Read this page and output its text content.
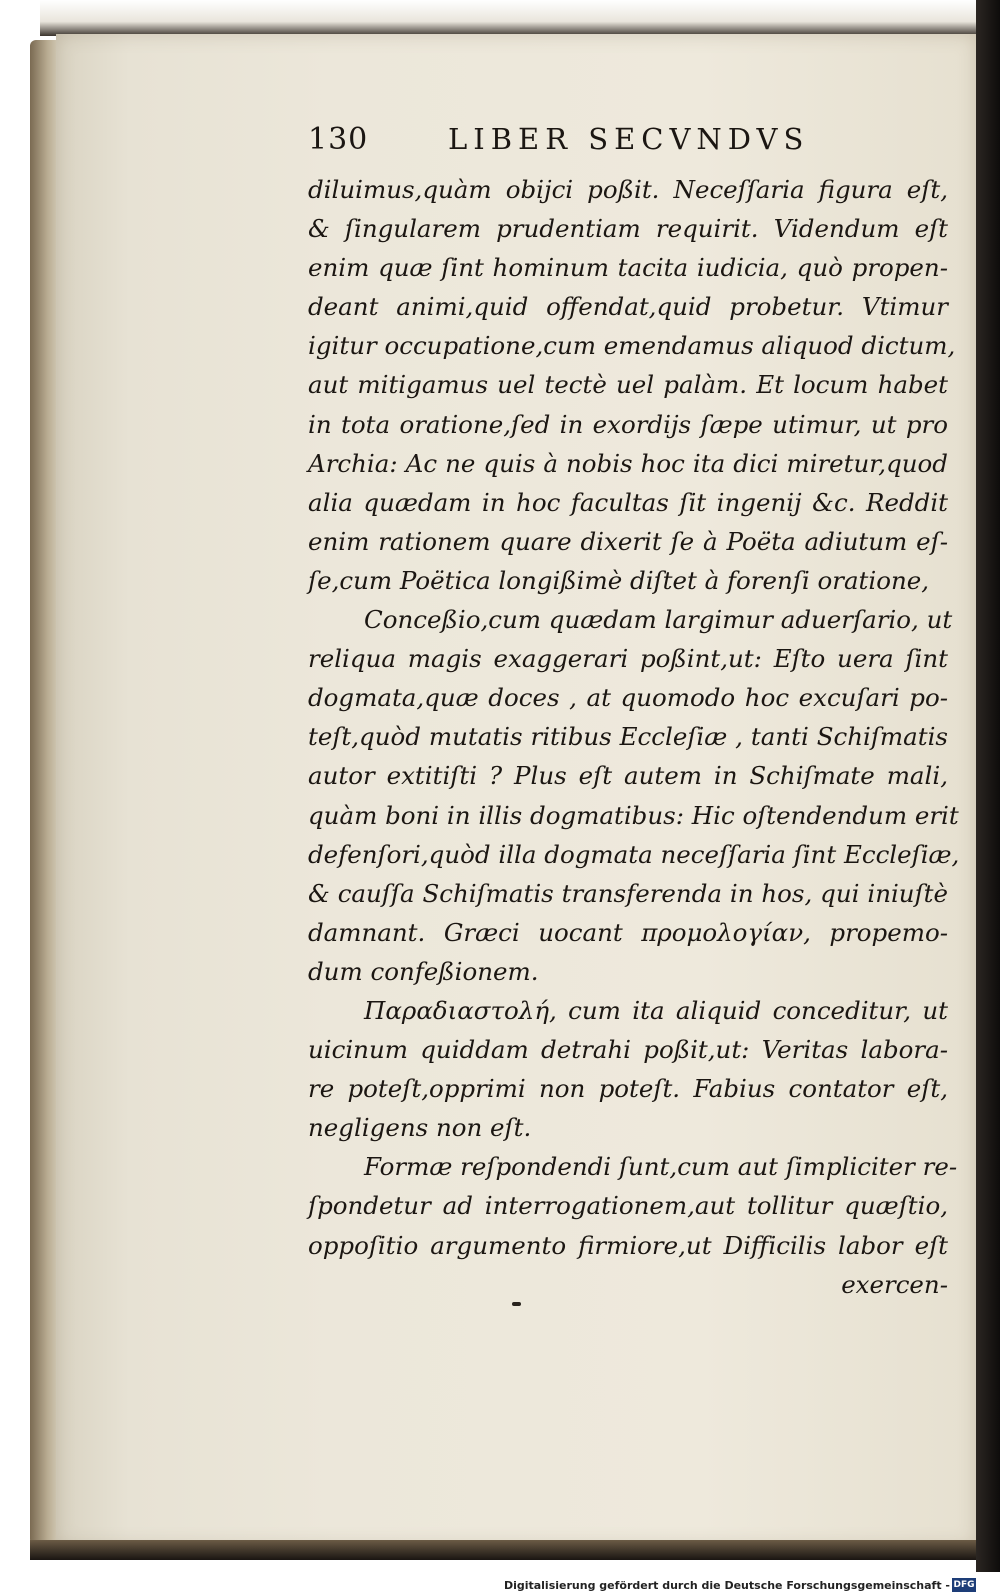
130	LIBER SECVNDVS
diluimus,quàm obijci poßit. Neceſſaria figura eſt,
& ſingularem prudentiam requirit. Videndum eſt
enim quæ ſint hominum tacita iudicia, quò propen-
deant animi,quid offendat,quid probetur. Vtimur
igitur occupatione,cum emendamus aliquod dictum,
aut mitigamus uel tectè uel palàm. Et locum habet
in tota oratione,ſed in exordijs ſæpe utimur, ut pro
Archia: Ac ne quis à nobis hoc ita dici miretur,quod
alia quædam in hoc facultas ſit ingenij &c. Reddit
enim rationem quare dixerit ſe à Poëta adiutum eſ-
ſe,cum Poëtica longißimè diſtet à forenſi oratione,
Conceßio,cum quædam largimur aduerſario, ut
reliqua magis exaggerari poßint,ut: Eſto uera ſint
dogmata,quæ doces , at quomodo hoc excuſari po-
teſt,quòd mutatis ritibus Eccleſiæ , tanti Schiſmatis
autor extitiſti ? Plus eſt autem in Schiſmate mali,
quàm boni in illis dogmatibus: Hic oſtendendum erit
defenſori,quòd illa dogmata neceſſaria ſint Eccleſiæ,
& cauſſa Schiſmatis transferenda in hos, qui iniuſtè
damnant. Græci uocant προμολογίαν, propemo-
dum confeßionem.
Παραδιαστολή, cum ita aliquid conceditur, ut
uicinum quiddam detrahi poßit,ut: Veritas labora-
re poteſt,opprimi non poteſt. Fabius contator eſt,
negligens non eſt.
Formæ reſpondendi ſunt,cum aut ſimpliciter re-
ſpondetur ad interrogationem,aut tollitur quæſtio,
oppoſitio argumento firmiore,ut Difficilis labor eſt
exercen-
Digitalisierung gefördert durch die Deutsche Forschungsgemeinschaft - DFG
